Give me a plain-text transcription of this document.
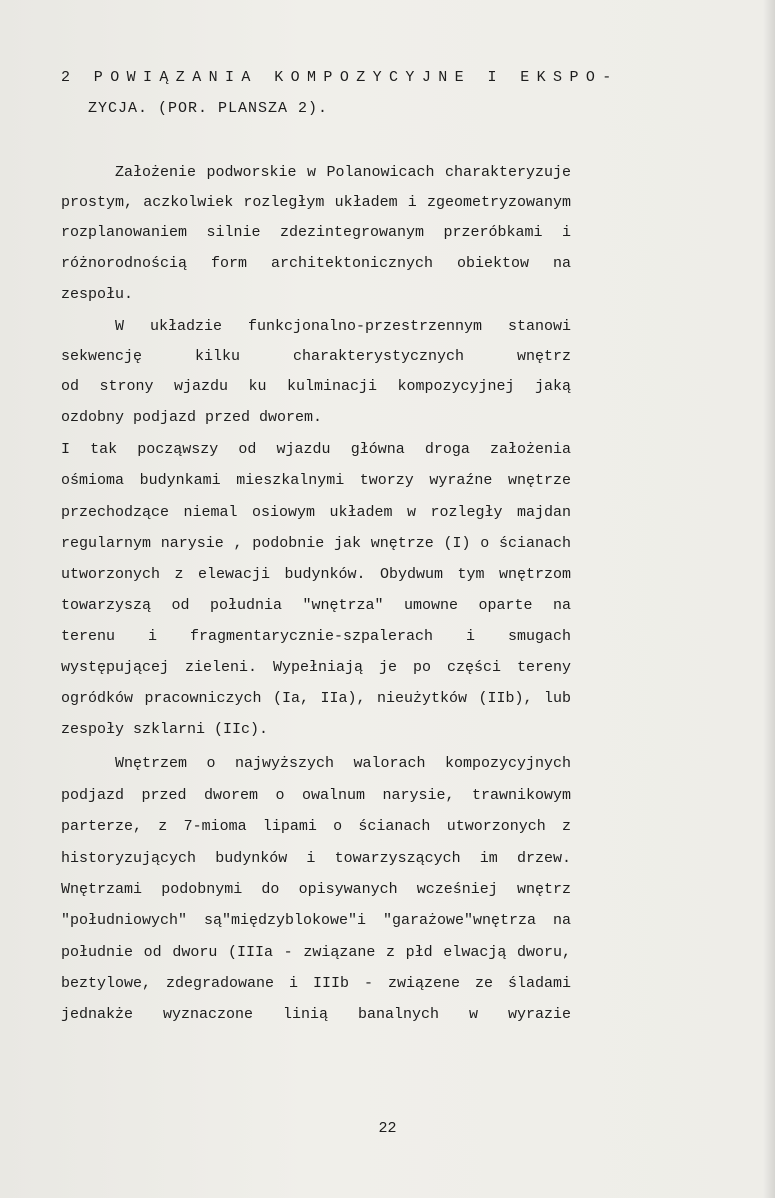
2 POWIĄZANIA KOMPOZYCYJNE I EKSPO-
ZYCJA. (POR. PLANSZA 2).
Założenie podworskie w Polanowicach charakteryzuje
prostym, aczkolwiek rozległym układem i zgeometryzowanym
rozplanowaniem silnie zdezintegrowanym przeróbkami i
różnorodnością form architektonicznych obiektow na
zespołu.
W układzie funkcjonalno-przestrzennym stanowi
sekwencję kilku charakterystycznych wnętrz
od strony wjazdu ku kulminacji kompozycyjnej jaką
ozdobny podjazd przed dworem.
I tak począwszy od wjazdu główna droga założenia
ośmioma budynkami mieszkalnymi tworzy wyraźne wnętrze
przechodzące niemal osiowym układem w rozległy majdan
regularnym narysie , podobnie jak wnętrze (I) o ścianach
utworzonych z elewacji budynków. Obydwum tym wnętrzom
towarzyszą od południa "wnętrza" umowne oparte na
terenu i fragmentarycznie-szpalerach i smugach
występującej zieleni. Wypełniają je po części tereny
ogródków pracowniczych (Ia, IIa), nieużytków (IIb), lub
zespoły szklarni (IIc).
Wnętrzem o najwyższych walorach kompozycyjnych
podjazd przed dworem o owalnum narysie, trawnikowym
parterze, z 7-mioma lipami o ścianach utworzonych z
historyzujących budynków i towarzyszących im drzew.
Wnętrzami podobnymi do opisywanych wcześniej wnętrz
"południowych" są"międzyblokowe"i "garażowe"wnętrza na
południe od dworu (IIIa - związane z płd elwacją dworu,
beztylowe, zdegradowane i IIIb - związene ze śladami
jednakże wyznaczone linią banalnych w wyrazie
22
